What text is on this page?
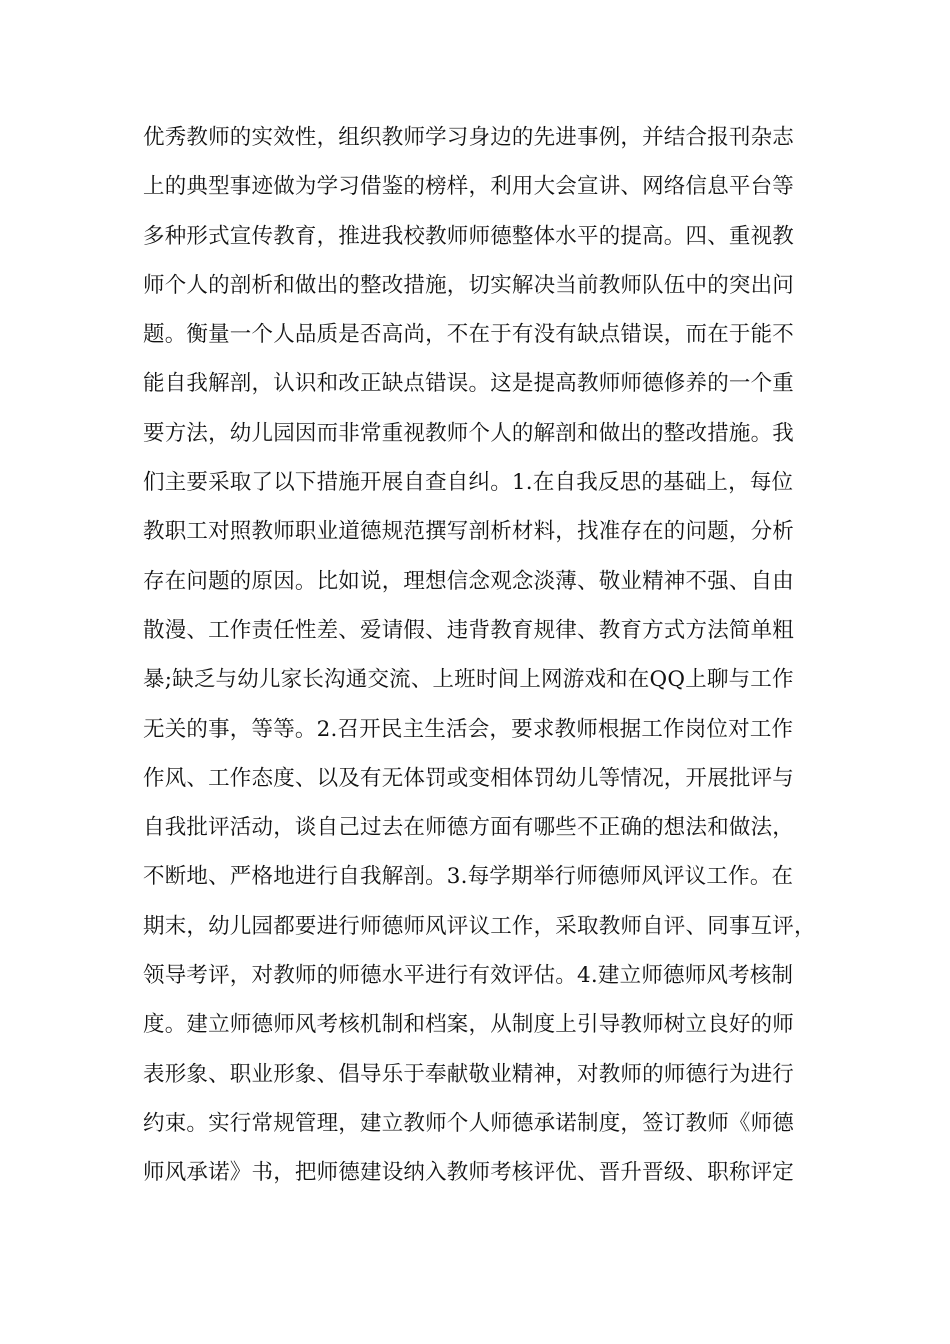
优秀教师的实效性，组织教师学习身边的先进事例，并结合报刊杂志
上的典型事迹做为学习借鉴的榜样，利用大会宣讲、网络信息平台等
多种形式宣传教育，推进我校教师师德整体水平的提高。四、重视教
师个人的剖析和做出的整改措施，切实解决当前教师队伍中的突出问
题。衡量一个人品质是否高尚，不在于有没有缺点错误，而在于能不
能自我解剖，认识和改正缺点错误。这是提高教师师德修养的一个重
要方法，幼儿园因而非常重视教师个人的解剖和做出的整改措施。我
们主要采取了以下措施开展自查自纠。1.在自我反思的基础上，每位
教职工对照教师职业道德规范撰写剖析材料，找准存在的问题，分析
存在问题的原因。比如说，理想信念观念淡薄、敬业精神不强、自由
散漫、工作责任性差、爱请假、违背教育规律、教育方式方法简单粗
暴;缺乏与幼儿家长沟通交流、上班时间上网游戏和在QQ上聊与工作
无关的事，等等。2.召开民主生活会，要求教师根据工作岗位对工作
作风、工作态度、以及有无体罚或变相体罚幼儿等情况，开展批评与
自我批评活动，谈自己过去在师德方面有哪些不正确的想法和做法，
不断地、严格地进行自我解剖。3.每学期举行师德师风评议工作。在
期末，幼儿园都要进行师德师风评议工作，采取教师自评、同事互评，
领导考评，对教师的师德水平进行有效评估。4.建立师德师风考核制
度。建立师德师风考核机制和档案，从制度上引导教师树立良好的师
表形象、职业形象、倡导乐于奉献敬业精神，对教师的师德行为进行
约束。实行常规管理，建立教师个人师德承诺制度，签订教师《师德
师风承诺》书，把师德建设纳入教师考核评优、晋升晋级、职称评定
